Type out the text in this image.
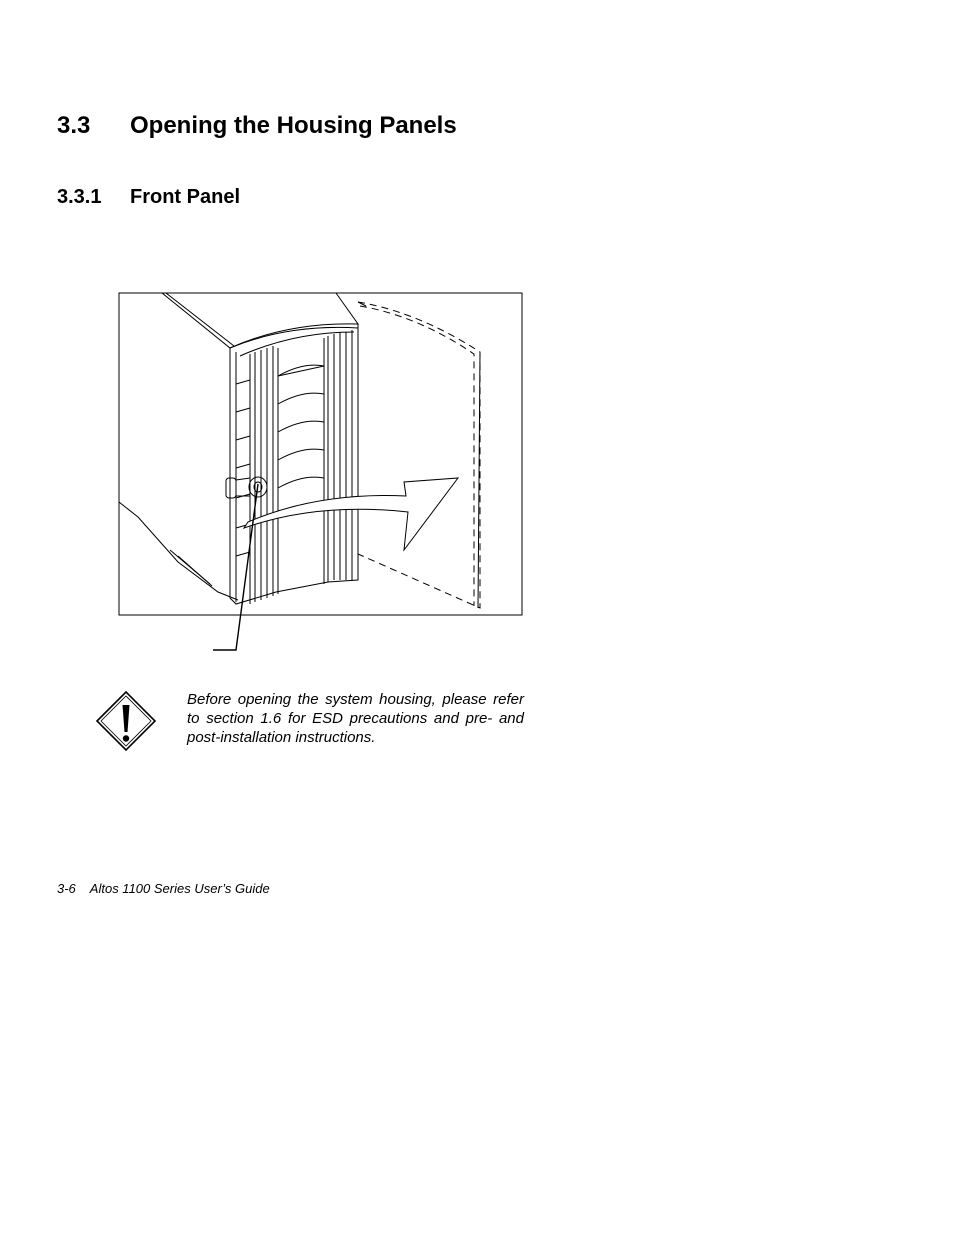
3.3	Opening the Housing Panels
3.3.1	Front Panel
Before opening the system housing, please refer to section 1.6 for ESD precautions and pre- and post-installation instructions.
3-6 Altos 1100 Series User’s Guide
